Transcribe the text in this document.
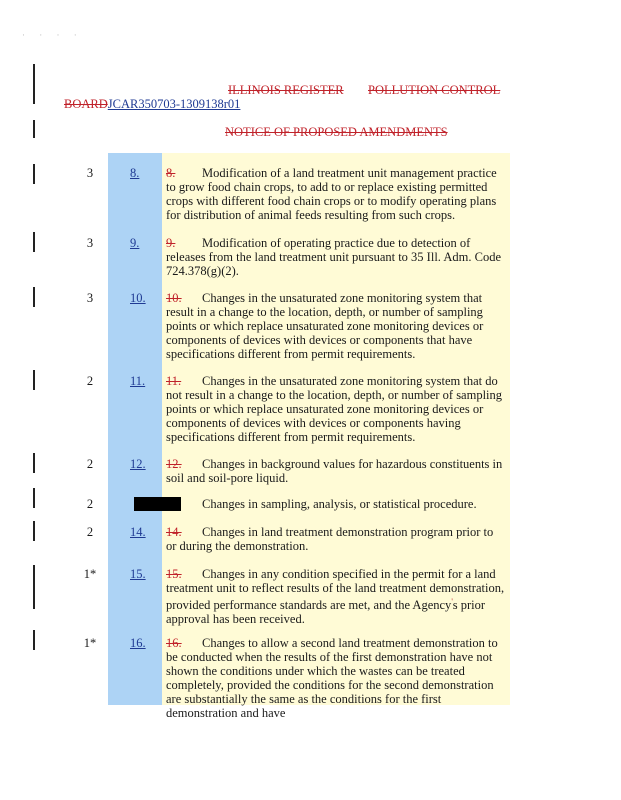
· · · ·
ILLINOIS REGISTER POLLUTION CONTROL
BOARDJCAR350703-1309138r01
NOTICE OF PROPOSED AMENDMENTS
3	8. 8. Modification of a land treatment unit management practice to grow food chain crops, to add to or replace existing permitted crops with different food chain crops or to modify operating plans for distribution of animal feeds resulting from such crops.
3	9. 9. Modification of operating practice due to detection of releases from the land treatment unit pursuant to 35 Ill. Adm. Code 724.378(g)(2).
3	10. 10. Changes in the unsaturated zone monitoring system that result in a change to the location, depth, or number of sampling points or which replace unsaturated zone monitoring devices or components of devices with devices or components that have specifications different from permit requirements.
2	11. 11. Changes in the unsaturated zone monitoring system that do not result in a change to the location, depth, or number of sampling points or which replace unsaturated zone monitoring devices or components of devices with devices or components having specifications different from permit requirements.
2	12. 12. Changes in background values for hazardous constituents in soil and soil-pore liquid.
2	Changes in sampling, analysis, or statistical procedure.
2	14. 14. Changes in land treatment demonstration program prior to or during the demonstration.
1*	15. 15. Changes in any condition specified in the permit for a land treatment unit to reflect results of the land treatment demonstration, provided performance standards are met, and the Agency's prior approval has been received.
1*	16. 16. Changes to allow a second land treatment demonstration to be conducted when the results of the first demonstration have not shown the conditions under which the wastes can be treated completely, provided the conditions for the second demonstration are substantially the same as the conditions for the first demonstration and have
